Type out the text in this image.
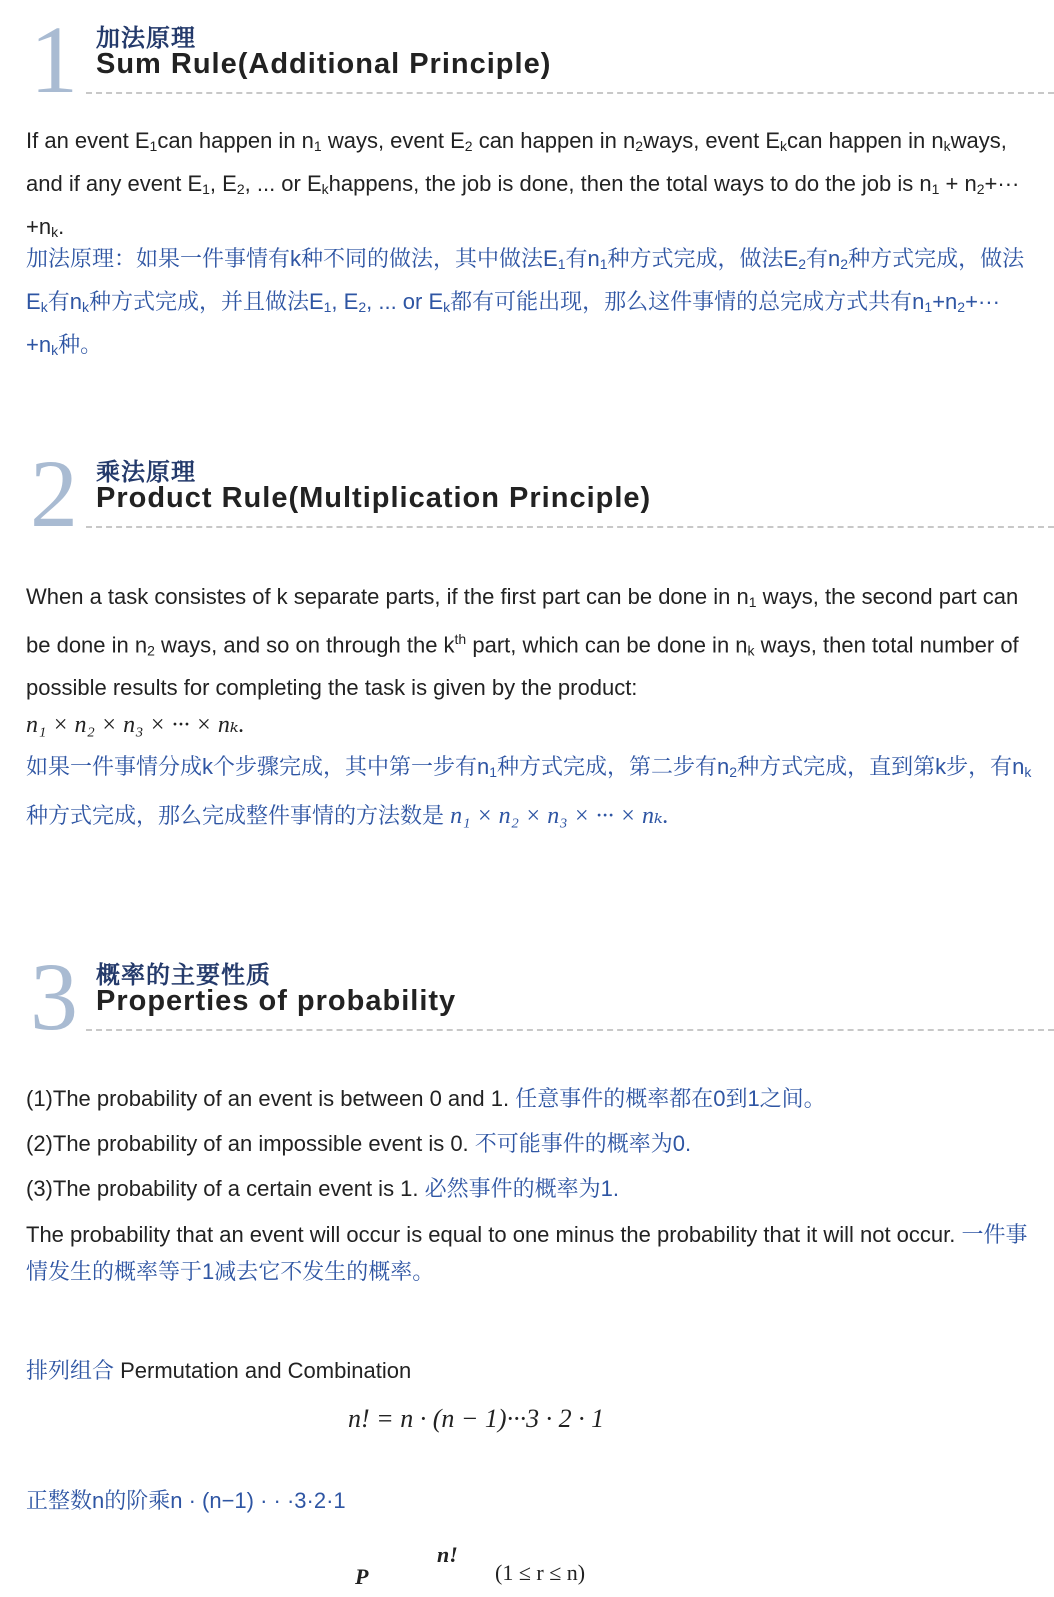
1 加法原理
Sum Rule(Additional Principle)
If an event $E_1can$ happen in $n_1$ ways, event $E_2$ can happen in $n_2ways$, event $E_kcan$ happen in $n_kways$, and if any event $E_1$, $E_2$, ... or $E_khappens$, the job is done, then the total ways to do the job is $n_1 + n_2+\cdot\cdot\cdot +n_k$.
加法原理：如果一件事情有k种不同的做法，其中做法$E_1$有$n_1$种方式完成，做法$E_2$有$n_2$种方式完成，做法$E_k$有$n_k$种方式完成，并且做法$E_1$, $E_2$, ... or $E_k$都有可能出现，那么这件事情的总完成方式共有$n_1+n_2+\cdot\cdot\cdot +n_k$种。
2 乘法原理
Product Rule(Multiplication Principle)
When a task consistes of k separate parts, if the first part can be done in $n_1$ ways, the second part can be done in $n_2$ ways, and so on through the $k^{th}$ part, which can be done in $n_k$ ways, then total number of possible results for completing the task is given by the product:
n₁ × n₂ × n₃ × ··· × nₖ.
如果一件事情分成k个步骤完成，其中第一步有$n_1$种方式完成，第二步有$n_2$种方式完成，直到第k步，有$n_k$种方式完成，那么完成整件事情的方法数是 n₁ × n₂ × n₃ × ··· × nₖ.
3 概率的主要性质
Properties of probability
(1)The probability of an event is between 0 and 1. 任意事件的概率都在0到1之间。
(2)The probability of an impossible event is 0. 不可能事件的概率为0.
(3)The probability of a certain event is 1. 必然事件的概率为1.
The probability that an event will occur is equal to one minus the probability that it will not occur. 一件事情发生的概率等于1减去它不发生的概率。
排列组合 Permutation and Combination
n! = n · (n − 1)···3 · 2 · 1
正整数n的阶乘n · (n−1) · · ·3·2·1
n!
P	(1 ≤ r ≤ n)
